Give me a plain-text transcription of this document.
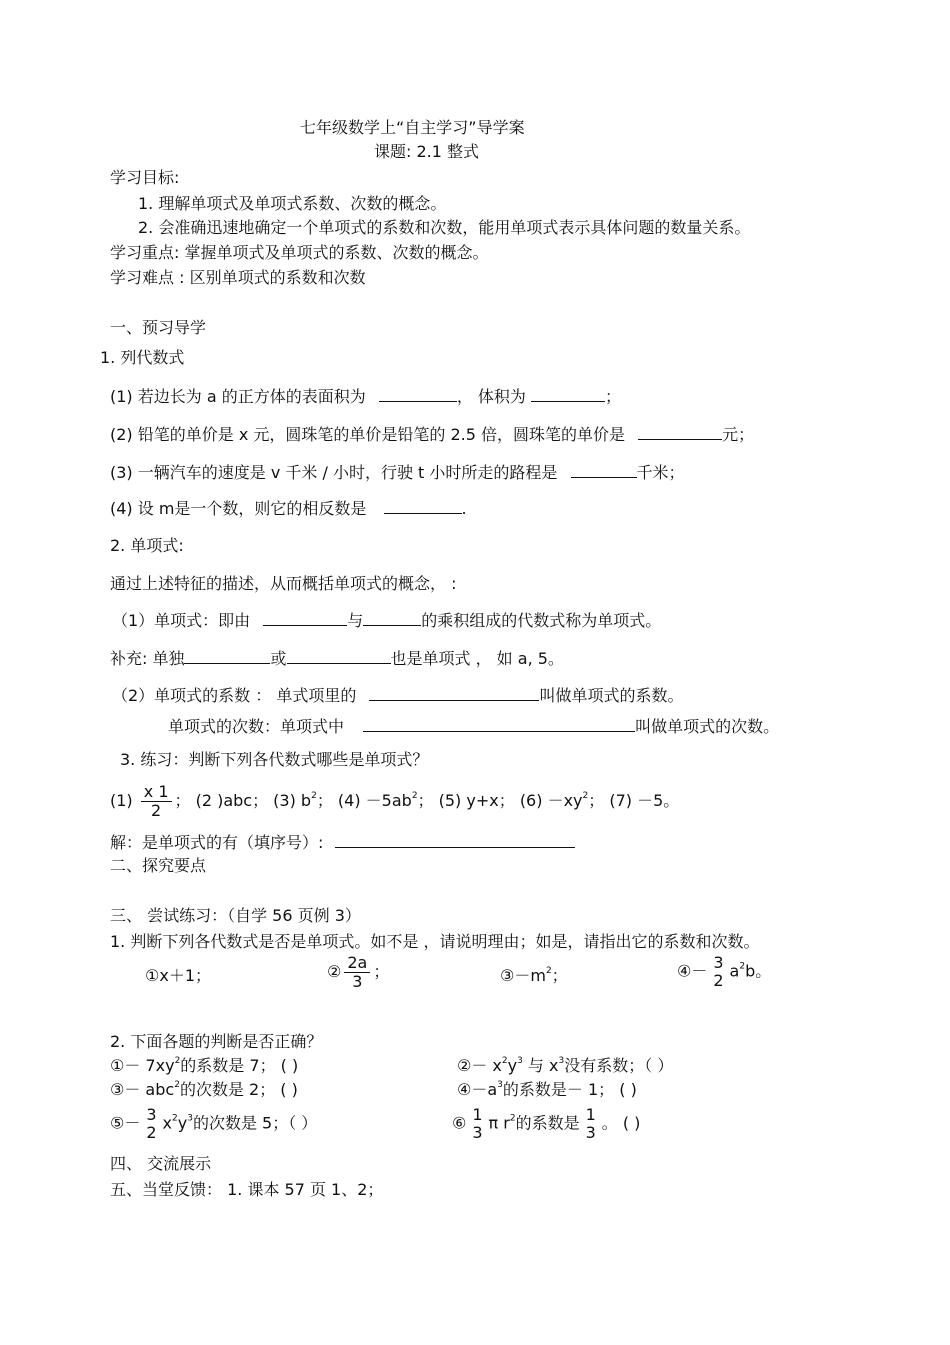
七年级数学上“自主学习”导学案
课题: 2.1 整式
学习目标:
1. 理解单项式及单项式系数、次数的概念。
2. 会准确迅速地确定一个单项式的系数和次数，能用单项式表示具体问题的数量关系。
学习重点: 掌握单项式及单项式的系数、次数的概念。
学习难点 : 区别单项式的系数和次数
一、预习导学
1. 列代数式
(1) 若边长为 a 的正方体的表面积为	， 体积为	；
(2) 铅笔的单价是 x 元，圆珠笔的单价是铅笔的 2.5 倍，圆珠笔的单价是	元；
(3) 一辆汽车的速度是 v 千米 / 小时，行驶 t 小时所走的路程是	千米；
(4) 设 m是一个数，则它的相反数是	.
2. 单项式:
通过上述特征的描述，从而概括单项式的概念， :
（1）单项式：即由	与	的乘积组成的代数式称为单项式。
补充: 单独	或	也是单项式 ， 如 a, 5。
（2）单项式的系数 ： 单式项里的	叫做单项式的系数。
单项式的次数：单项式中	叫做单项式的次数。
3. 练习：判断下列各代数式哪些是单项式？
$(1) \frac{x 1}{2}$ ； (2 )abc； (3) $b^2$； $(4) -5ab^2$； (5) y+x； $(6) -xy^2$； (7) －5。
解：是单项式的有（填序号）:
二、探究要点
三、 尝试练习：（自学 56 页例 3）
1. 判断下列各代数式是否是单项式。如不是 ，请说明理由；如是，请指出它的系数和次数。
①x＋1；	② $\frac{2a}{3}$ ；	$③-m^2$；	④－ 3
2 $a^2b$。
2. 下面各题的判断是否正确？
①－ $7xy^2$的系数是 7； ( )	②－ $x^2y^3$ 与 $x^3$没有系数；（ ）
③－ abc$^2$的次数是 2； ( )	$④-a^3$的系数是－ 1； ( )
⑤－ 3
2 $x^2y^3$的次数是 5；（ ）	⑥ 1
3 π $r^2$的系数是 1
3 。 ( )
四、 交流展示
五、当堂反馈： 1. 课本 57 页 1、2；
